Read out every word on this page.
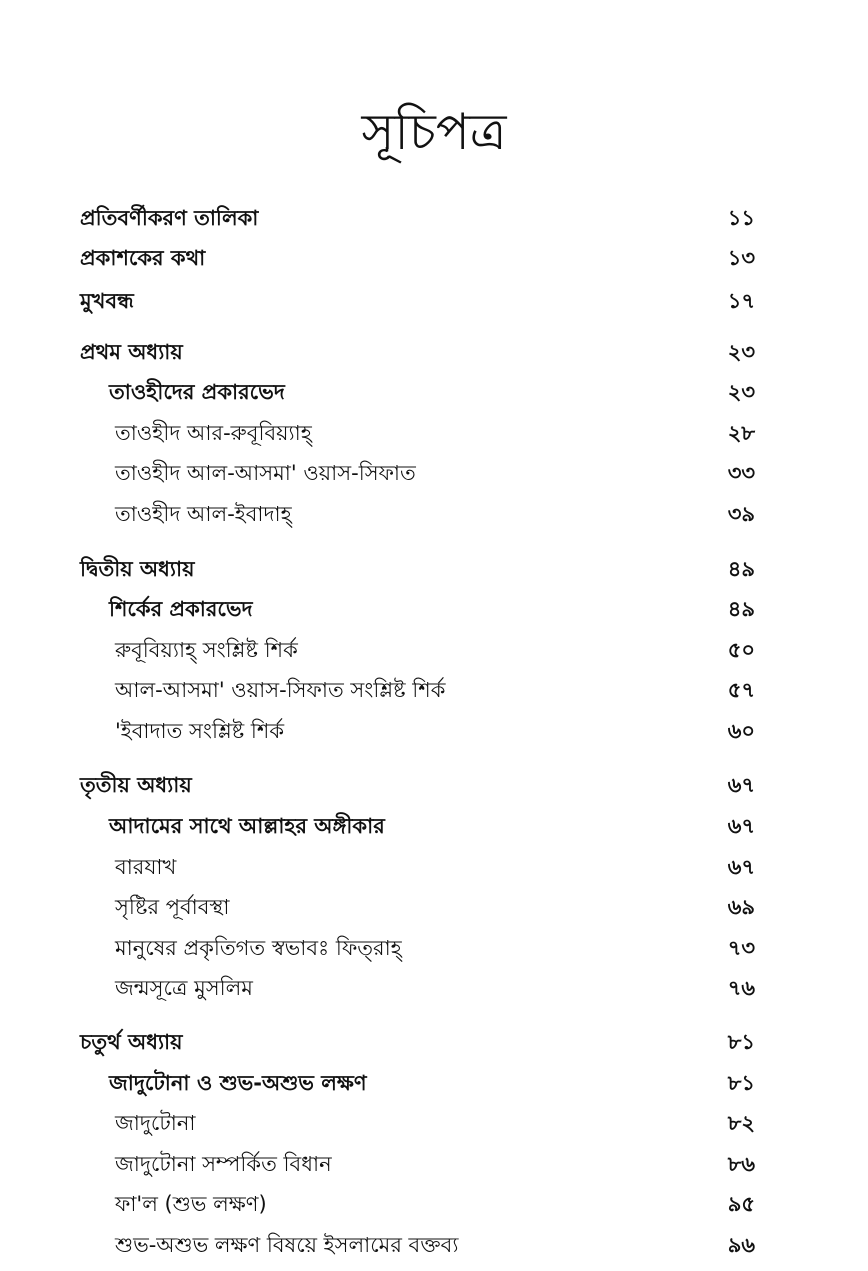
সূচিপত্র
প্রতিবর্ণীকরণ তালিকা	১১
প্রকাশকের কথা	১৩
মুখবন্ধ	১৭
প্রথম অধ্যায়	২৩
তাওহীদের প্রকারভেদ	২৩
তাওহীদ আর-রুবূবিয়্যাহ্	২৮
তাওহীদ আল-আসমা' ওয়াস-সিফাত	৩৩
তাওহীদ আল-ইবাদাহ্	৩৯
দ্বিতীয় অধ্যায়	৪৯
শির্কের প্রকারভেদ	৪৯
রুবূবিয়্যাহ্ সংশ্লিষ্ট শির্ক	৫০
আল-আসমা' ওয়াস-সিফাত সংশ্লিষ্ট শির্ক	৫৭
'ইবাদাত সংশ্লিষ্ট শির্ক	৬০
তৃতীয় অধ্যায়	৬৭
আদামের সাথে আল্লাহর অঙ্গীকার	৬৭
বারযাখ	৬৭
সৃষ্টির পূর্বাবস্থা	৬৯
মানুষের প্রকৃতিগত স্বভাবঃ ফিত্‌রাহ্	৭৩
জন্মসূত্রে মুসলিম	৭৬
চতুর্থ অধ্যায়	৮১
জাদুটোনা ও শুভ-অশুভ লক্ষণ	৮১
জাদুটোনা	৮২
জাদুটোনা সম্পর্কিত বিধান	৮৬
ফা'ল (শুভ লক্ষণ)	৯৫
শুভ-অশুভ লক্ষণ বিষয়ে ইসলামের বক্তব্য	৯৬
